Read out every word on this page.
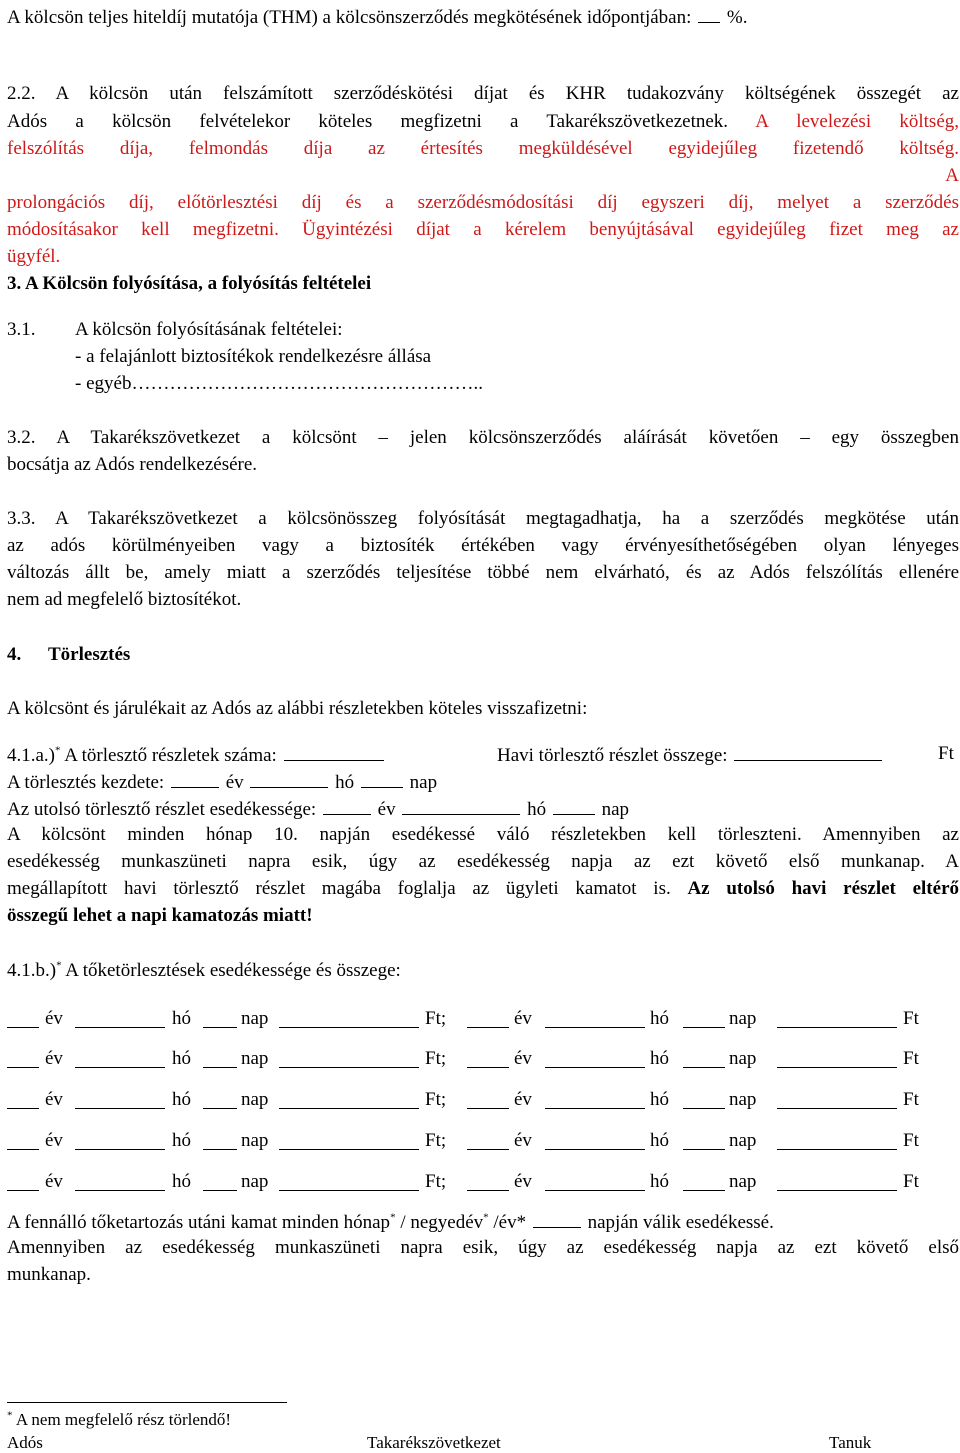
A kölcsön teljes hiteldíj mutatója (THM) a kölcsönszerződés megkötésének időpontjában: %.
2.2. A kölcsön után felszámított szerződéskötési díjat és KHR tudakozvány költségének összegét az
Adós a kölcsön felvételekor köteles megfizetni a Takarékszövetkezetnek. A levelezési költség,
felszólítás díja, felmondás díja az értesítés megküldésével egyidejűleg fizetendő költség.
A
prolongációs díj, előtörlesztési díj és a szerződésmódosítási díj egyszeri díj, melyet a szerződés
módosításakor kell megfizetni. Ügyintézési díjat a kérelem benyújtásával egyidejűleg fizet meg az
ügyfél.
3. A Kölcsön folyósítása, a folyósítás feltételei
3.1. A kölcsön folyósításának feltételei:
- a felajánlott biztosítékok rendelkezésre állása
- egyéb………………………………………………..
3.2. A Takarékszövetkezet a kölcsönt – jelen kölcsönszerződés aláírását követően – egy összegben
bocsátja az Adós rendelkezésére.
3.3. A Takarékszövetkezet a kölcsönösszeg folyósítását megtagadhatja, ha a szerződés megkötése után
az adós körülményeiben vagy a biztosíték értékében vagy érvényesíthetőségében olyan lényeges
változás állt be, amely miatt a szerződés teljesítése többé nem elvárható, és az Adós felszólítás ellenére
nem ad megfelelő biztosítékot.
4. Törlesztés
A kölcsönt és járulékait az Adós az alábbi részletekben köteles visszafizetni:
4.1.a.)* A törlesztő részletek száma:	Havi törlesztő részlet összege:	Ft
A törlesztés kezdete:	év	hó	nap
Az utolsó törlesztő részlet esedékessége:	év	hó	nap
A kölcsönt minden hónap 10. napján esedékessé váló részletekben kell törleszteni. Amennyiben az
esedékesség munkaszüneti napra esik, úgy az esedékesség napja az ezt követő első munkanap. A
megállapított havi törlesztő részlet magába foglalja az ügyleti kamatot is. Az utolsó havi részlet eltérő
összegű lehet a napi kamatozás miatt!
4.1.b.)* A tőketörlesztések esedékessége és összege:
év	hó	nap	Ft;	év	hó	nap	Ft
év	hó	nap	Ft;	év	hó	nap	Ft
év	hó	nap	Ft;	év	hó	nap	Ft
év	hó	nap	Ft;	év	hó	nap	Ft
év	hó	nap	Ft;	év	hó	nap	Ft
A fennálló tőketartozás utáni kamat minden hónap* / negyedév* /év*	napján válik esedékessé.
Amennyiben az esedékesség munkaszüneti napra esik, úgy az esedékesség napja az ezt követő első
munkanap.
* A nem megfelelő rész törlendő!
Adós	Takarékszövetkezet	Tanuk
